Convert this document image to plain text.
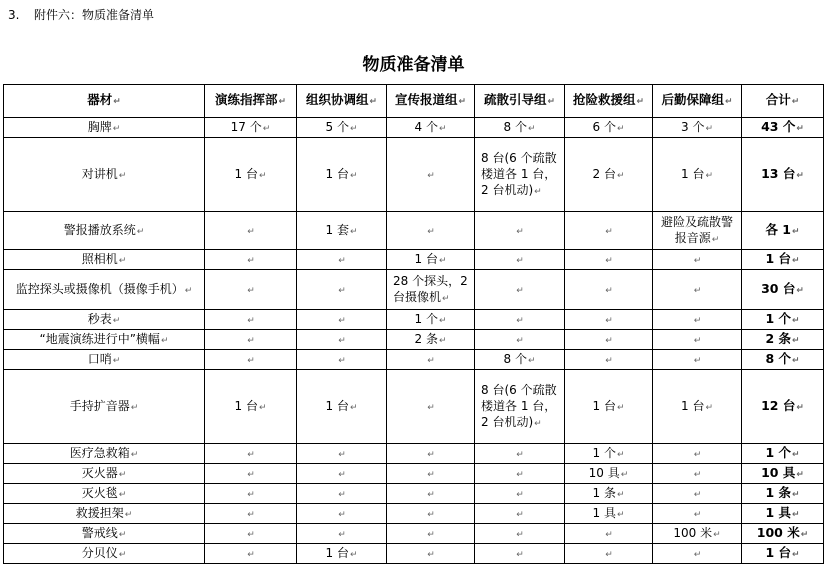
3. 附件六：物质准备清单
物质准备清单
器材↵	演练指挥部↵	组织协调组↵	宣传报道组↵	疏散引导组↵	抢险救援组↵	后勤保障组↵	合计↵
胸牌↵	17 个↵	5 个↵	4 个↵	8 个↵	6 个↵	3 个↵	43 个↵
对讲机↵	1 台↵	1 台↵	↵	8 台(6 个疏散楼道各 1 台，2 台机动)↵	2 台↵	1 台↵	13 台↵
警报播放系统↵	↵	1 套↵	↵	↵	↵	避险及疏散警报音源↵	各 1↵
照相机↵	↵	↵	1 台↵	↵	↵	↵	1 台↵
监控探头或摄像机（摄像手机）↵	↵	↵	28 个探头，2 台摄像机↵	↵	↵	↵	30 台↵
秒表↵	↵	↵	1 个↵	↵	↵	↵	1 个↵
“地震演练进行中”横幅↵	↵	↵	2 条↵	↵	↵	↵	2 条↵
口哨↵	↵	↵	↵	8 个↵	↵	↵	8 个↵
手持扩音器↵	1 台↵	1 台↵	↵	8 台(6 个疏散楼道各 1 台，2 台机动)↵	1 台↵	1 台↵	12 台↵
医疗急救箱↵	↵	↵	↵	↵	1 个↵	↵	1 个↵
灭火器↵	↵	↵	↵	↵	10 具↵	↵	10 具↵
灭火毯↵	↵	↵	↵	↵	1 条↵	↵	1 条↵
救援担架↵	↵	↵	↵	↵	1 具↵	↵	1 具↵
警戒线↵	↵	↵	↵	↵	↵	100 米↵	100 米↵
分贝仪↵	↵	1 台↵	↵	↵	↵	↵	1 台↵
